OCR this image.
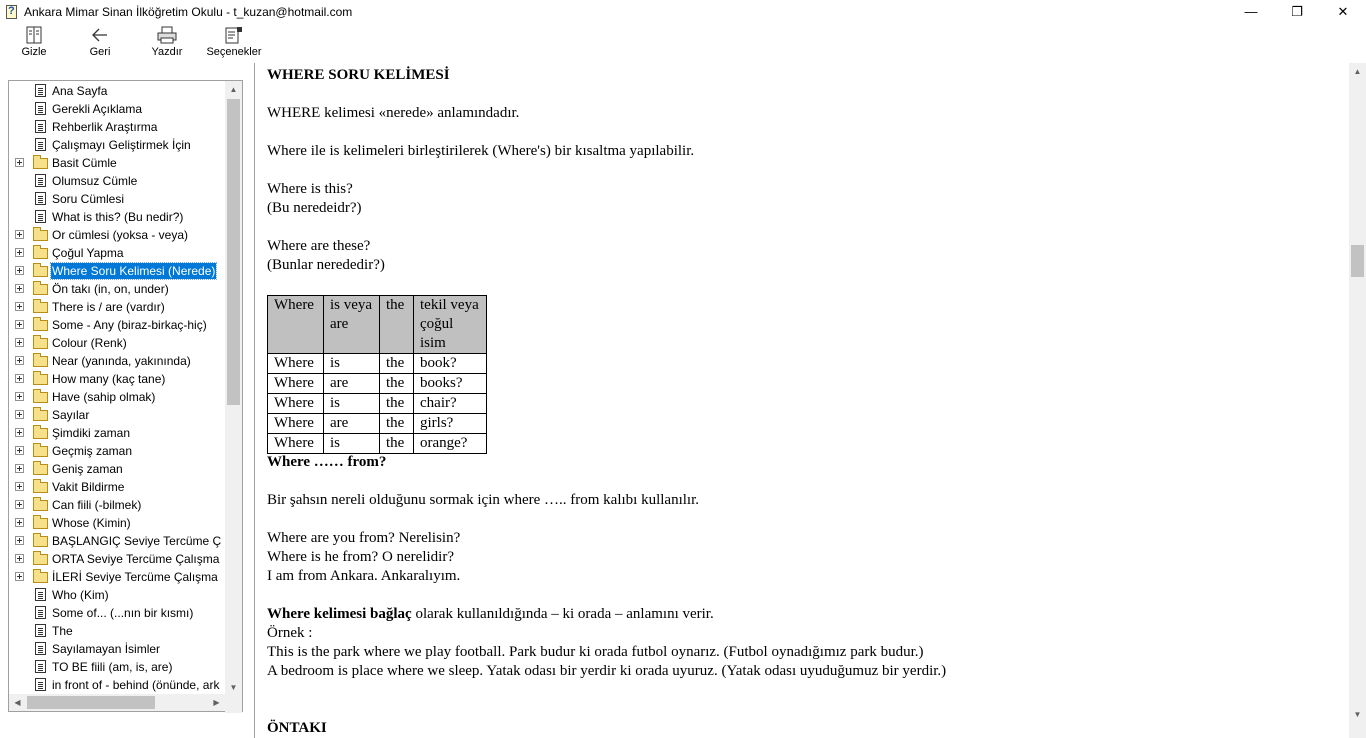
? Ankara Mimar Sinan İlköğretim Okulu - t_kuzan@hotmail.com	—	❐	✕
Gizle	Geri	Yazdır Seçenekler
Ana Sayfa
Gerekli Açıklama
Rehberlik Araştırma
Çalışmayı Geliştirmek İçin
Basit Cümle
Olumsuz Cümle
Soru Cümlesi
What is this? (Bu nedir?)
Or cümlesi (yoksa - veya)
Çoğul Yapma
Where Soru Kelimesi (Nerede)
Ön takı (in, on, under)
There is / are (vardır)
Some - Any (biraz-birkaç-hiç)
Colour (Renk)
Near (yanında, yakınında)
How many (kaç tane)
Have (sahip olmak)
Sayılar
Şimdiki zaman
Geçmiş zaman
Geniş zaman
Vakit Bildirme
Can fiili (-bilmek)
Whose (Kimin)
BAŞLANGIÇ Seviye Tercüme Ç
ORTA Seviye Tercüme Çalışma
İLERİ Seviye Tercüme Çalışma
Who (Kim)
Some of... (...nın bir kısmı)
The
Sayılamayan İsimler
TO BE fiili (am, is, are)
in front of - behind (önünde, ark
▲
▼
◀	▶

WHERE SORU KELİMESİ

WHERE kelimesi «nerede» anlamındadır.

Where ile is kelimeleri birleştirilerek (Where's) bir kısaltma yapılabilir.

Where is this?

(Bu neredeidr?)

Where are these?

(Bunlar nerededir?)

Where	is veya are	the	tekil veya çoğul isim
Where	is	the	book?
Where	are	the	books?
Where	is	the	chair?
Where	are	the	girls?
Where	is	the	orange?

Where …… from?

Bir şahsın nereli olduğunu sormak için where ….. from kalıbı kullanılır.

Where are you from? Nerelisin?

Where is he from? O nerelidir?

I am from Ankara. Ankaralıyım.

Where kelimesi bağlaç olarak kullanıldığında – ki orada – anlamını verir.

Örnek :

This is the park where we play football. Park budur ki orada futbol oynarız. (Futbol oynadığımız park budur.)

A bedroom is place where we sleep. Yatak odası bir yerdir ki orada uyuruz. (Yatak odası uyuduğumuz bir yerdir.)

ÖNTAKI

▲
▼
